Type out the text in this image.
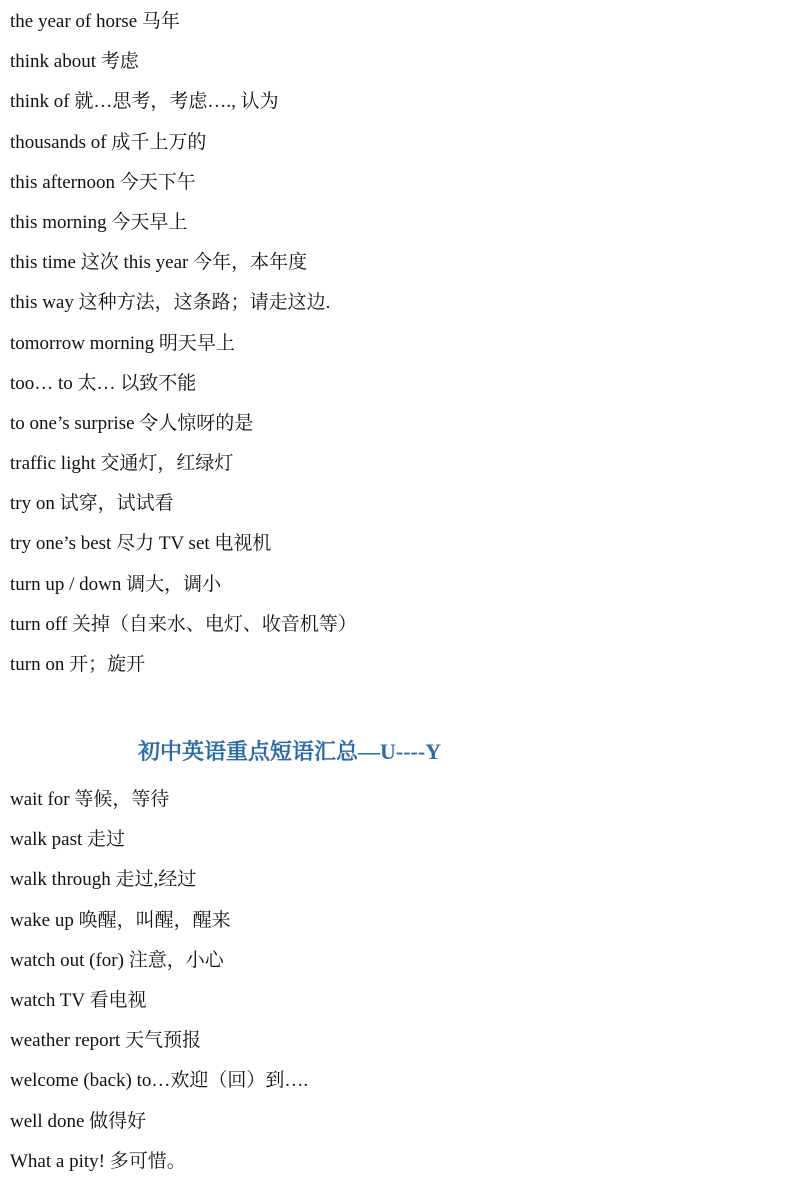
the year of horse 马年
think about 考虑
think of 就…思考，考虑…., 认为
thousands of 成千上万的
this afternoon 今天下午
this morning 今天早上
this time 这次 this year 今年，本年度
this way 这种方法，这条路；请走这边.
tomorrow morning 明天早上
too… to 太… 以致不能
to one’s surprise 令人惊呀的是
traffic light 交通灯，红绿灯
try on 试穿，试试看
try one’s best 尽力 TV set 电视机
turn up / down 调大，调小
turn off 关掉（自来水、电灯、收音机等）
turn on 开；旋开
初中英语重点短语汇总—U----Y
wait for 等候，等待
walk past 走过
walk through 走过,经过
wake up 唤醒，叫醒，醒来
watch out (for) 注意，小心
watch TV 看电视
weather report 天气预报
welcome (back) to…欢迎（回）到….
well done 做得好
What a pity! 多可惜。
